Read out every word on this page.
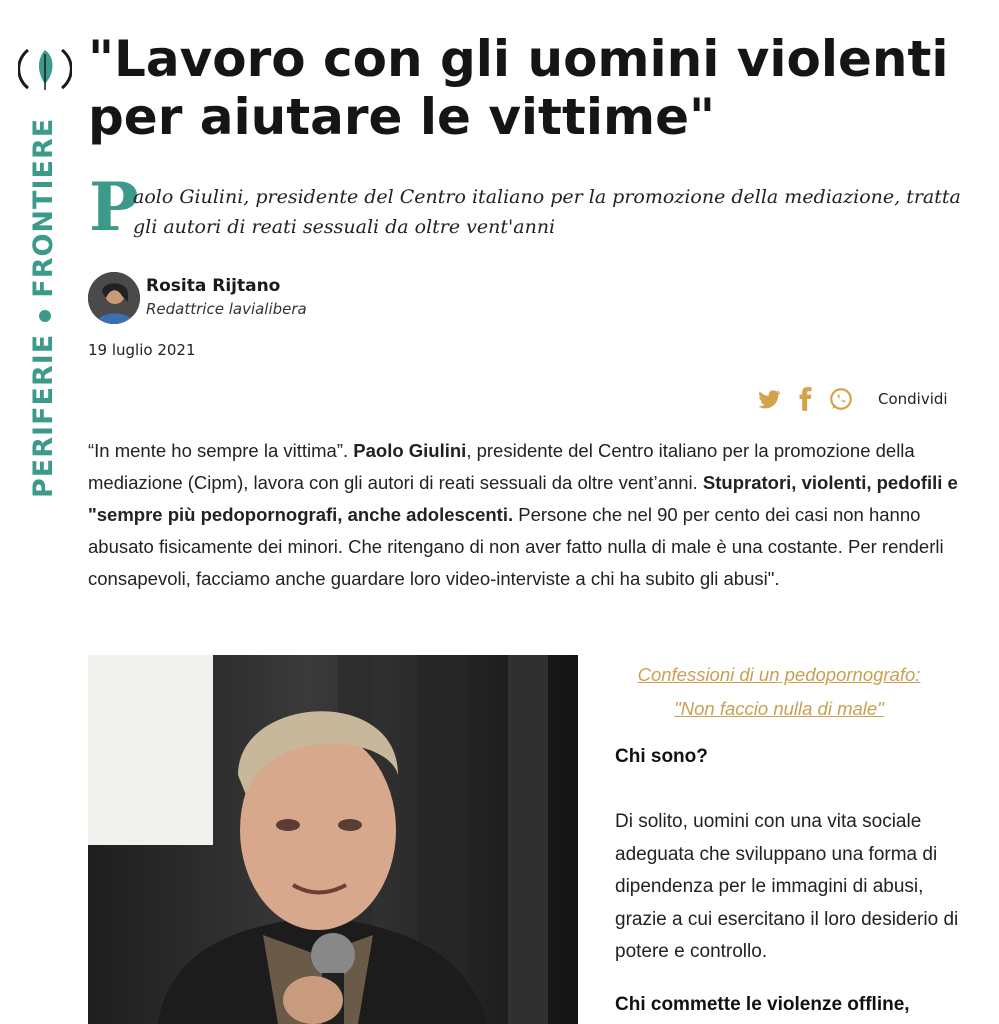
PERIFERIEFRONTIERE
"Lavoro con gli uomini violenti per aiutare le vittime"
P

aolo Giulini, presidente del Centro italiano per la promozione della mediazione, tratta gli autori di reati sessuali da oltre vent'anni

Rosita Rijtano
Redattrice lavialibera
19 luglio 2021
Condividi

“In mente ho sempre la vittima”. Paolo Giulini, presidente del Centro italiano per la promozione della mediazione (Cipm), lavora con gli autori di reati sessuali da oltre vent’anni. Stupratori, violenti, pedofili e "sempre più pedopornografi, anche adolescenti. Persone che nel 90 per cento dei casi non hanno abusato fisicamente dei minori. Che ritengano di non aver fatto nulla di male è una costante. Per renderli consapevoli, facciamo anche guardare loro video-interviste a chi ha subito gli abusi".

Confessioni di un pedopornografo:
"Non faccio nulla di male"
Chi sono?

Di solito, uomini con una vita sociale adeguata che sviluppano una forma di dipendenza per le immagini di abusi, grazie a cui esercitano il loro desiderio di potere e controllo.

Chi commette le violenze offline,
